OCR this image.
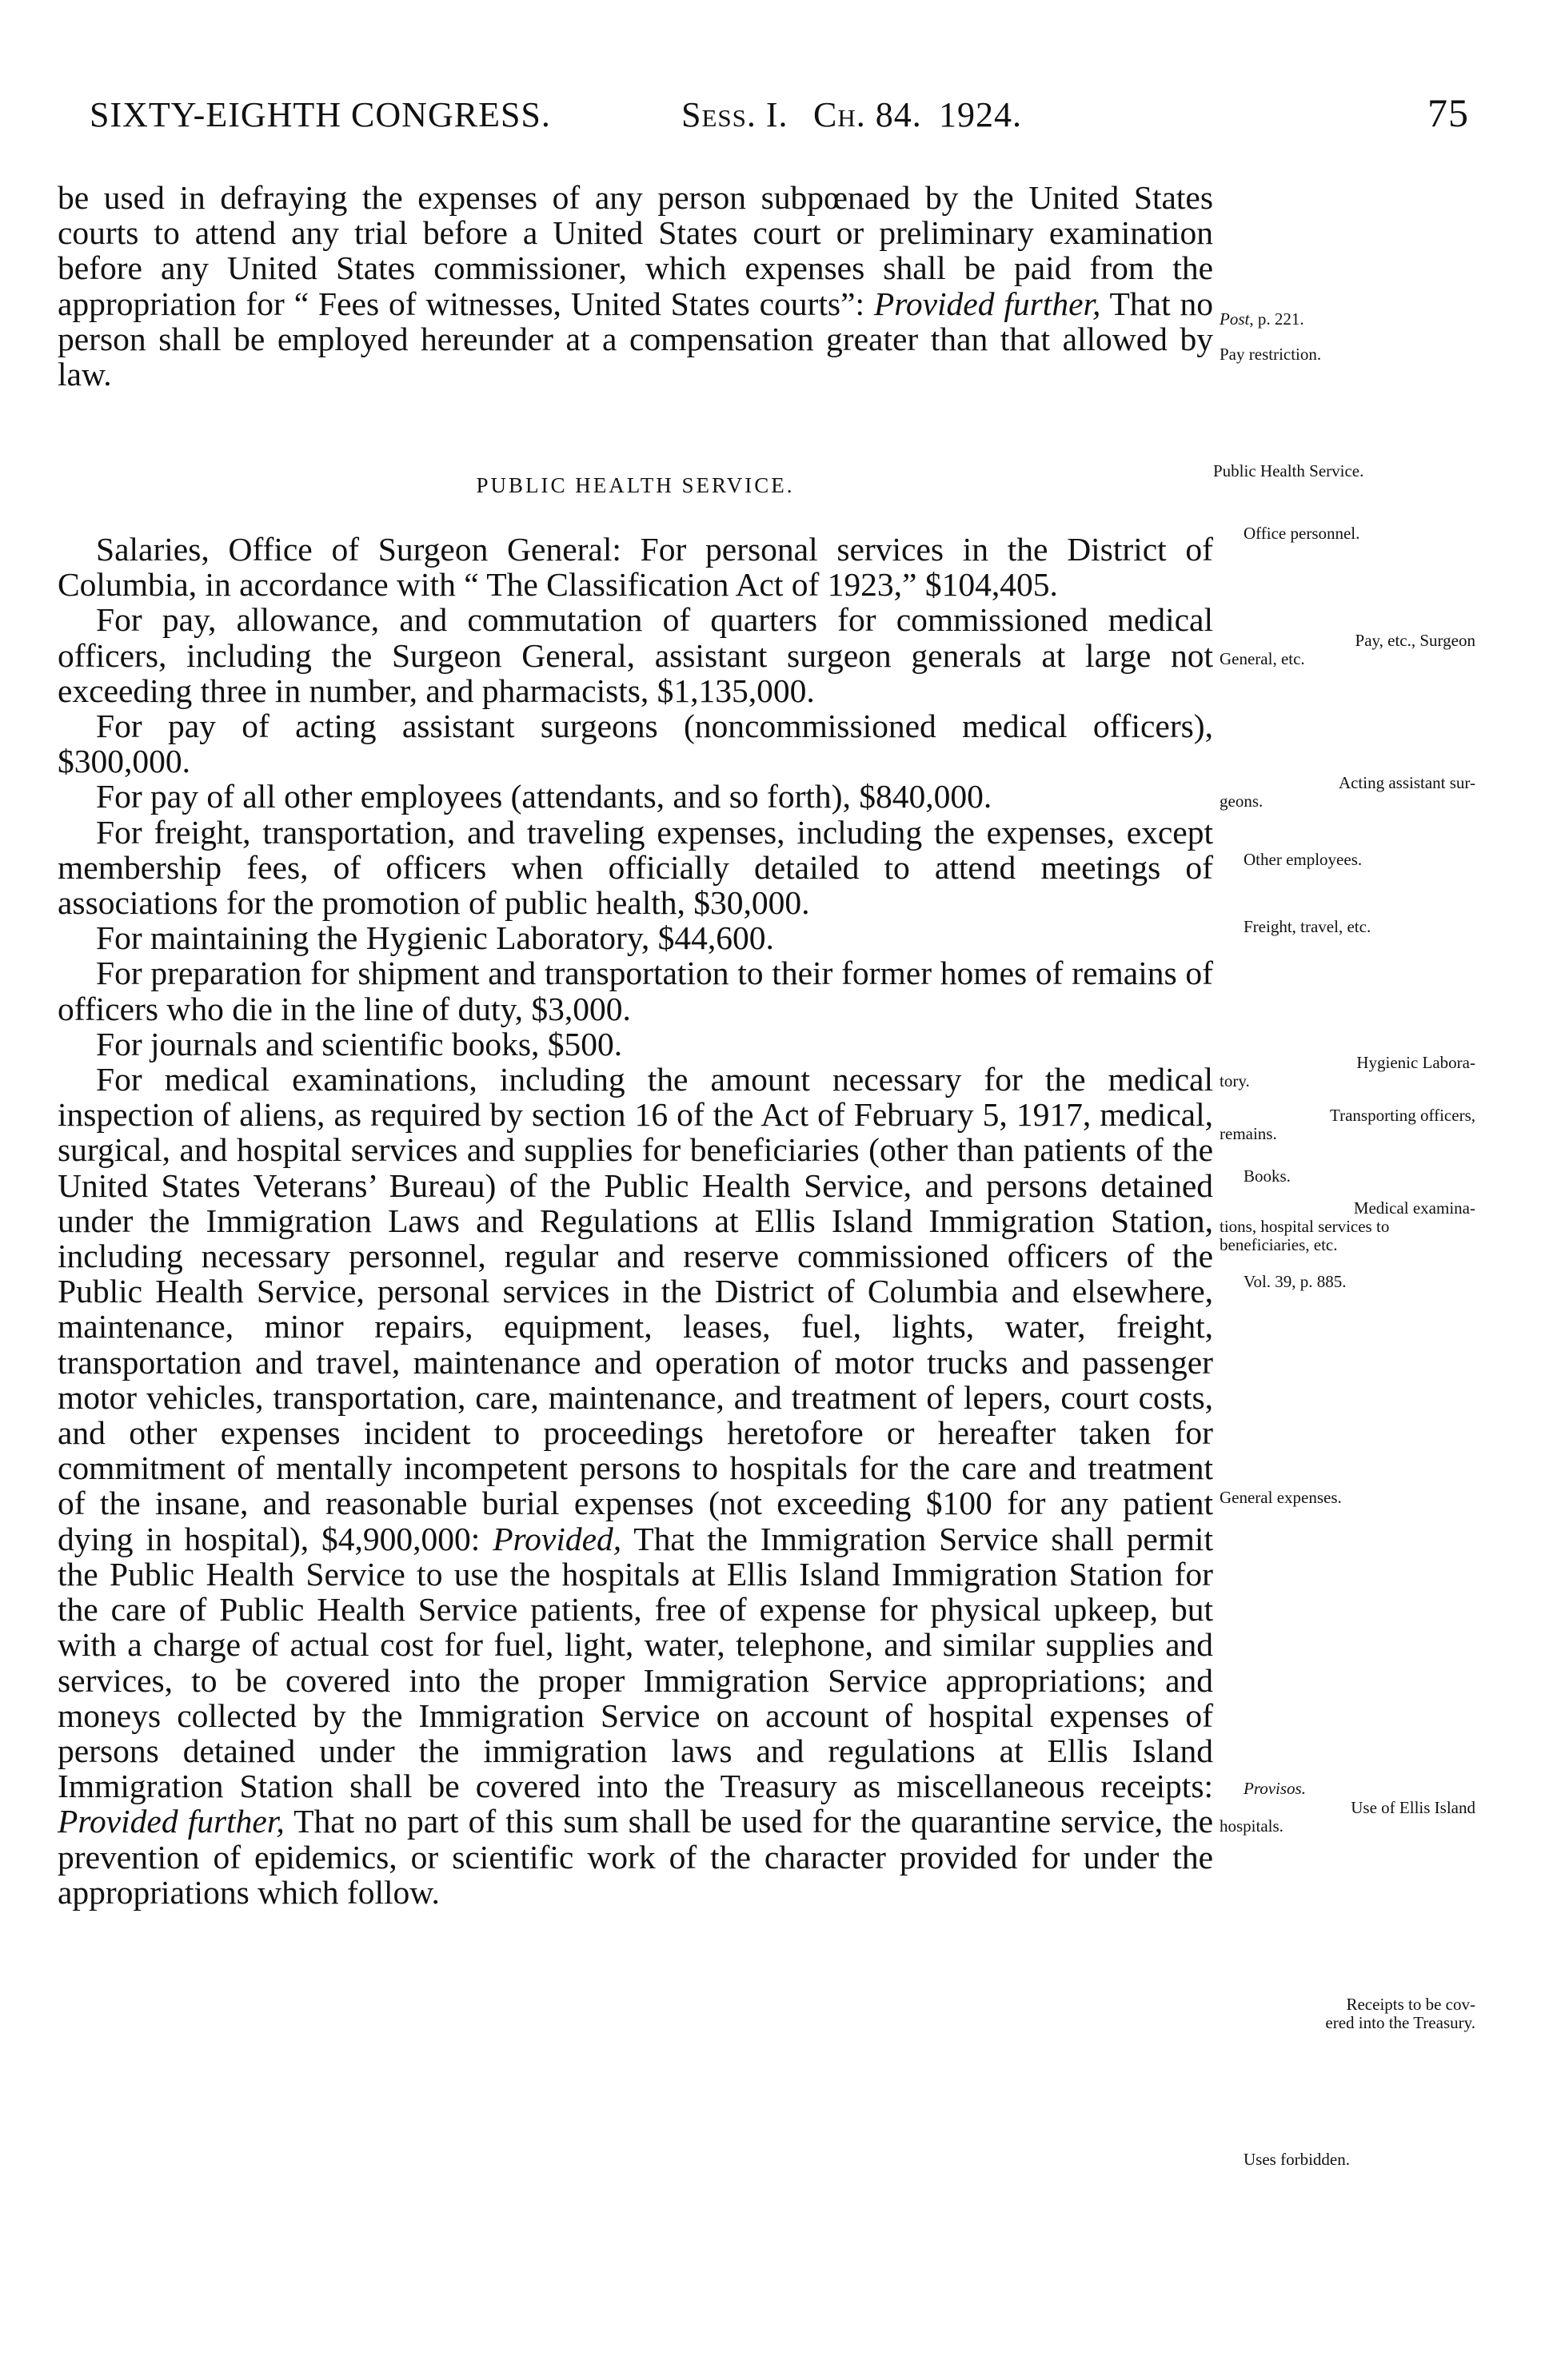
SIXTY-EIGHTH CONGRESS.	Sess. I. Ch. 84. 1924.	75

be used in defraying the expenses of any person subpœnaed by the United States courts to attend any trial before a United States court or preliminary examination before any United States commissioner, which expenses shall be paid from the appropriation for “ Fees of witnesses, United States courts”: Provided further, That no person shall be employed hereunder at a compensation greater than that allowed by law.

PUBLIC HEALTH SERVICE.

Salaries, Office of Surgeon General: For personal services in the District of Columbia, in accordance with “ The Classification Act of 1923,” $104,405.

For pay, allowance, and commutation of quarters for commissioned medical officers, including the Surgeon General, assistant surgeon generals at large not exceeding three in number, and pharmacists, $1,135,000.

For pay of acting assistant surgeons (noncommissioned medical officers), $300,000.

For pay of all other employees (attendants, and so forth), $840,000.

For freight, transportation, and traveling expenses, including the expenses, except membership fees, of officers when officially detailed to attend meetings of associations for the promotion of public health, $30,000.

For maintaining the Hygienic Laboratory, $44,600.

For preparation for shipment and transportation to their former homes of remains of officers who die in the line of duty, $3,000.

For journals and scientific books, $500.

For medical examinations, including the amount necessary for the medical inspection of aliens, as required by section 16 of the Act of February 5, 1917, medical, surgical, and hospital services and supplies for beneficiaries (other than patients of the United States Veterans’ Bureau) of the Public Health Service, and persons detained under the Immigration Laws and Regulations at Ellis Island Immigration Station, including necessary personnel, regular and reserve commissioned officers of the Public Health Service, personal services in the District of Columbia and elsewhere, maintenance, minor repairs, equipment, leases, fuel, lights, water, freight, transportation and travel, maintenance and operation of motor trucks and passenger motor vehicles, transportation, care, maintenance, and treatment of lepers, court costs, and other expenses incident to proceedings heretofore or hereafter taken for commitment of mentally incompetent persons to hospitals for the care and treatment of the insane, and reasonable burial expenses (not exceeding $100 for any patient dying in hospital), $4,900,000: Provided, That the Immigration Service shall permit the Public Health Service to use the hospitals at Ellis Island Immigration Station for the care of Public Health Service patients, free of expense for physical upkeep, but with a charge of actual cost for fuel, light, water, telephone, and similar supplies and services, to be covered into the proper Immigration Service appropriations; and moneys collected by the Immigration Service on account of hospital expenses of persons detained under the immigration laws and regulations at Ellis Island Immigration Station shall be covered into the Treasury as miscellaneous receipts: Provided further, That no part of this sum shall be used for the quarantine service, the prevention of epidemics, or scientific work of the character provided for under the appropriations which follow.

Post, p. 221.
Pay restriction.
Public Health Service.
Office personnel.
Pay, etc., Surgeon
General, etc.
Acting assistant sur-
geons.
Other employees.
Freight, travel, etc.
Hygienic Labora-
tory.
Transporting officers,
remains.
Books.
Medical examina-
tions, hospital services to beneficiaries, etc.
Vol. 39, p. 885.
General expenses.
Provisos.
Use of Ellis Island
hospitals.
Receipts to be cov-
ered into the Treasury.
Uses forbidden.
